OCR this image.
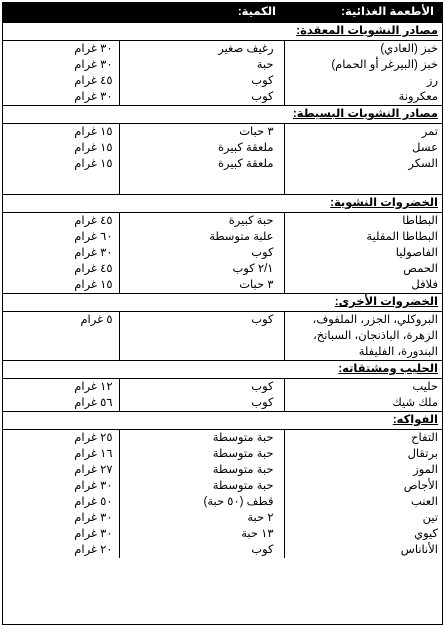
الأطعمة الغذائية:	الكمية:	
مصادر النشويات المعقدة:		
خبز (العادي)	رغيف صغير	٣٠ غرام
خبز (البيرغر أو الحمام)	حبة	٣٠ غرام
رز	كوب	٤٥ غرام
معكرونة	كوب	٣٠ غرام
مصادر النشويات البسيطة:		
تمر	٣ حبات	١٥ غرام
عسل	ملعقة كبيرة	١٥ غرام
السكر	ملعقة كبيرة	١٥ غرام

الخضروات النشوية:		
البطاطا	حبة كبيرة	٤٥ غرام
البطاطا المقلية	علبة متوسطة	٦٠ غرام
الفاصوليا	كوب	٣٠ غرام
الحمص	٢/١ كوب	٤٥ غرام
فلافل	٣ حبات	١٥ غرام
الخضروات الأخرى:		
البروكلي، الجزر، الملفوف، الزهرة، الباذنجان، السبانخ، البندورة، الفليفلة	كوب	٥ غرام
الحليب ومشتقاته:		
حليب	كوب	١٢ غرام
ملك شيك	كوب	٥٦ غرام
الفواكه:		
التفاح	حبة متوسطة	٢٥ غرام
برتقال	حبة متوسطة	١٦ غرام
الموز	حبة متوسطة	٢٧ غرام
الأجاص	حبة متوسطة	٣٠ غرام
العنب	قطف (٥٠ حبة)	٥٠ غرام
تين	٢ حبة	٣٠ غرام
كيوي	١٣ حبة	٣٠ غرام
الأناناس	كوب	٢٠ غرام
